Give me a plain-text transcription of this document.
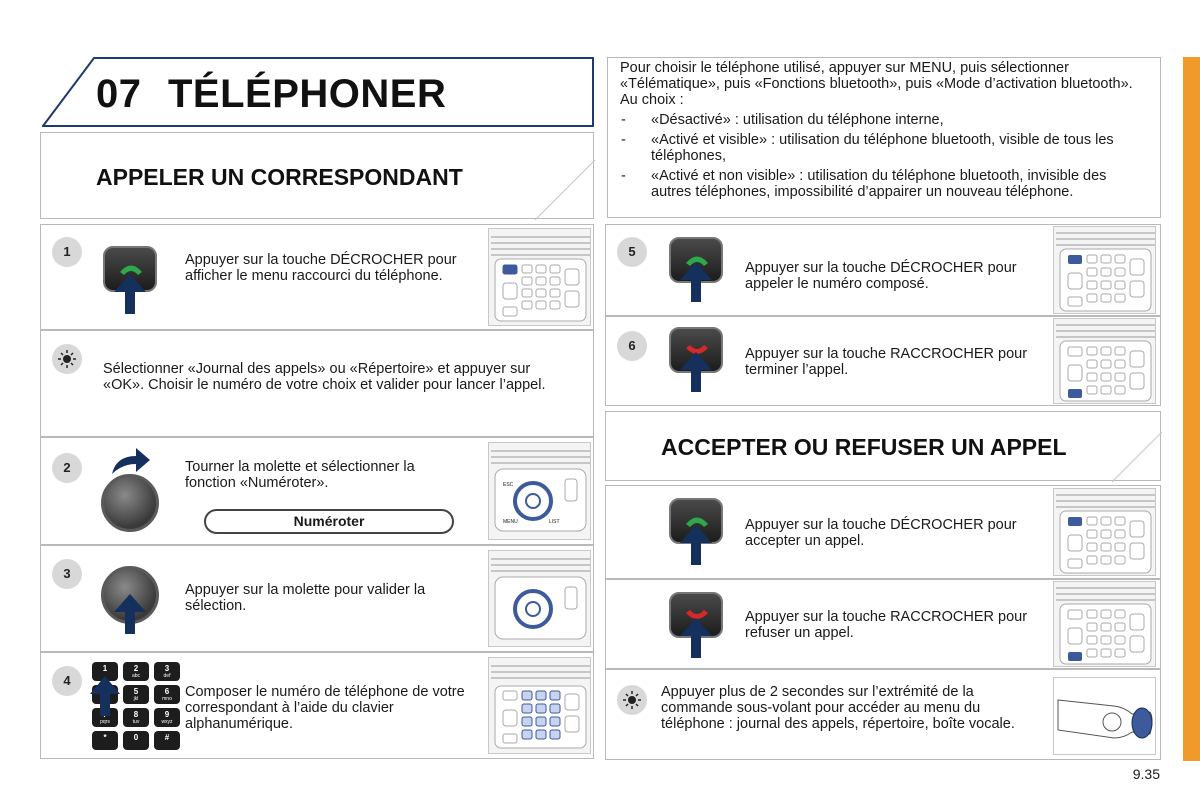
07 TÉLÉPHONER
APPELER UN CORRESPONDANT
1
Appuyer sur la touche DÉCROCHER pour afficher le menu raccourci du téléphone.
Sélectionner «Journal des appels» ou «Répertoire» et appuyer sur «OK». Choisir le numéro de votre choix et valider pour lancer l’appel.
2	Tourner la molette et sélectionner la fonction «Numéroter».
Numéroter
ESC
MENU	LIST
3
Appuyer sur la molette pour valider la sélection.
4
1	2
abc
3
def
5
jkl
6
mno
pqrs
8
tuv
9
wxyz
*	0	#
Composer le numéro de téléphone de votre correspondant à l’aide du clavier alphanumérique.
Pour choisir le téléphone utilisé, appuyer sur MENU, puis sélectionner «Télématique», puis «Fonctions bluetooth», puis «Mode d’activation bluetooth». Au choix :
- «Désactivé» : utilisation du téléphone interne,
- «Activé et visible» : utilisation du téléphone bluetooth, visible de tous les téléphones,
- «Activé et non visible» : utilisation du téléphone bluetooth, invisible des autres téléphones, impossibilité d’appairer un nouveau téléphone.
5
Appuyer sur la touche DÉCROCHER pour appeler le numéro composé.
6
Appuyer sur la touche RACCROCHER pour terminer l’appel.
ACCEPTER OU REFUSER UN APPEL
Appuyer sur la touche DÉCROCHER pour accepter un appel.
Appuyer sur la touche RACCROCHER pour refuser un appel.
Appuyer plus de 2 secondes sur l’extrémité de la commande sous-volant pour accéder au menu du téléphone : journal des appels, répertoire, boîte vocale.
9.35
